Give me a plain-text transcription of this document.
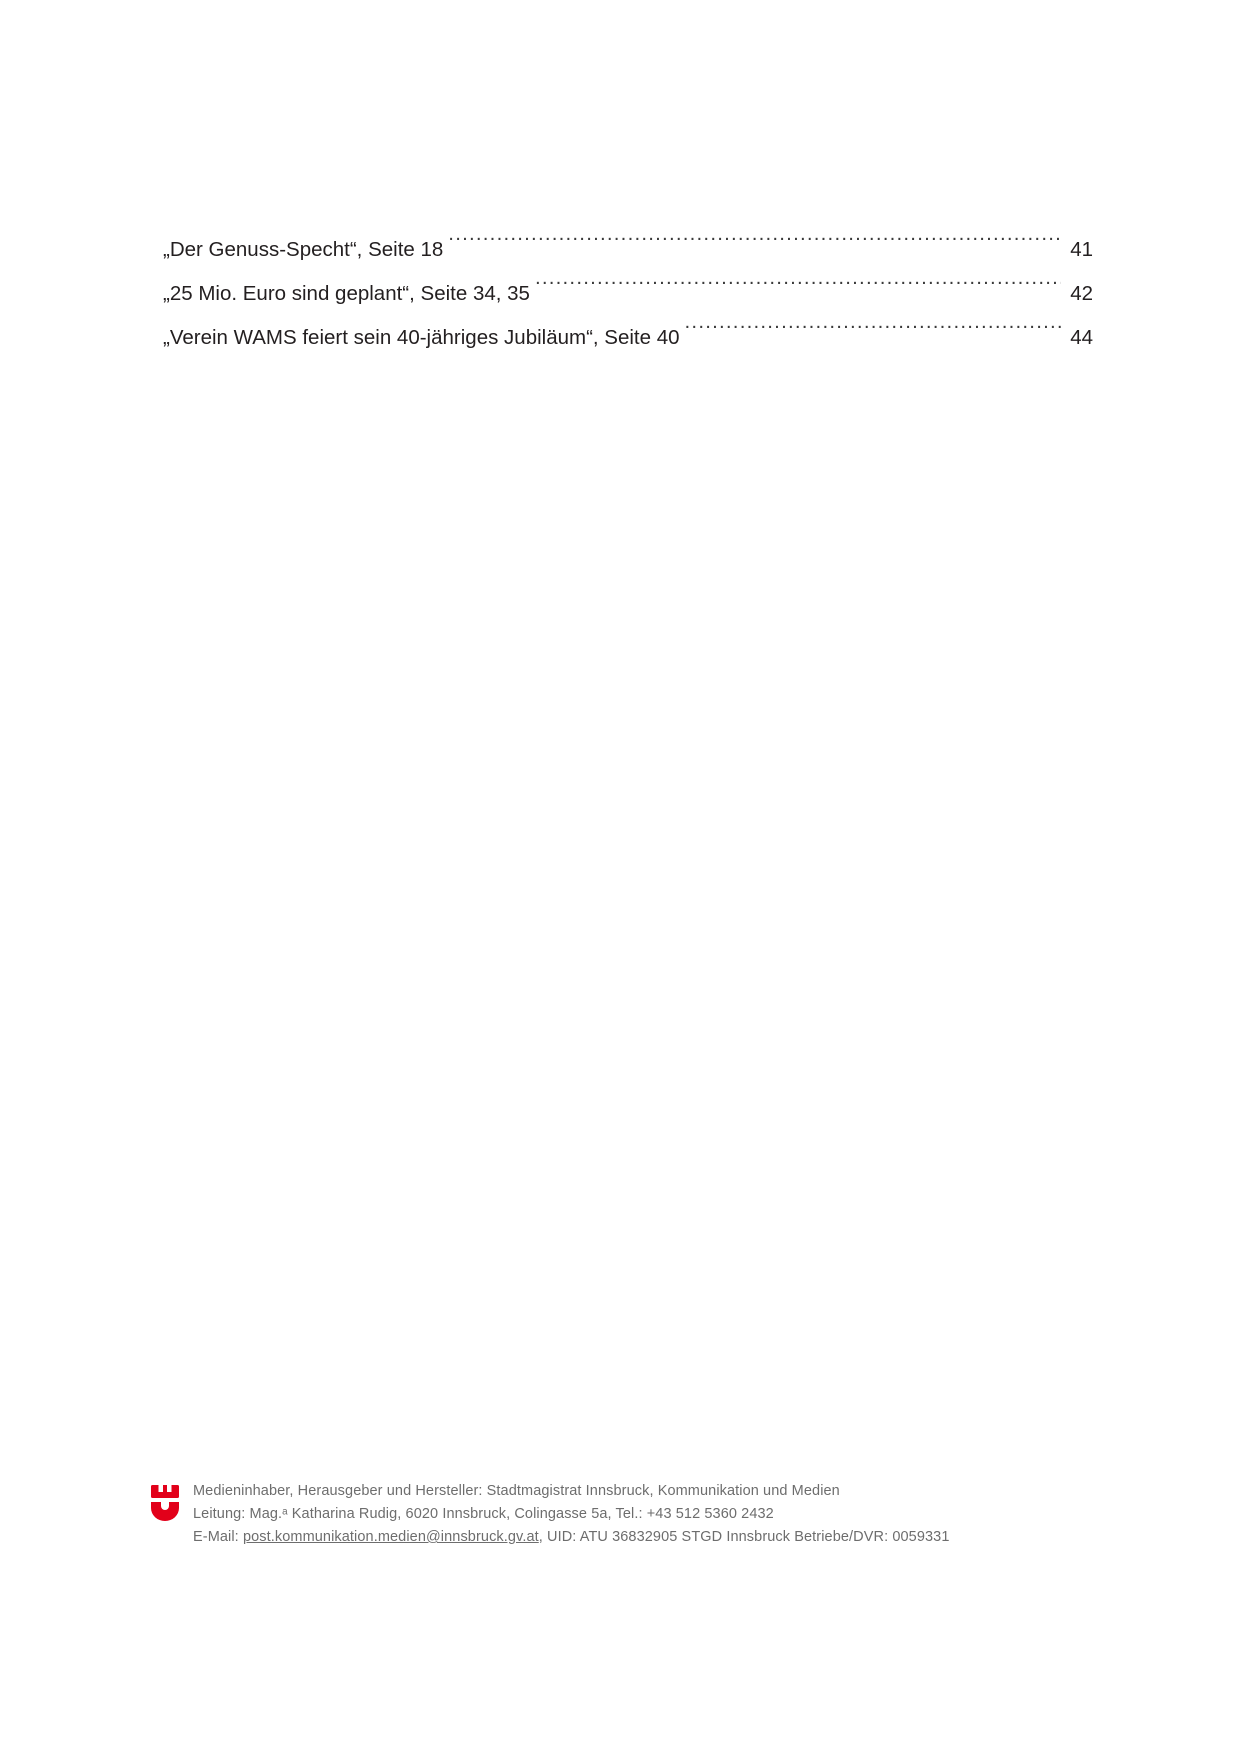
„Der Genuss-Specht“, Seite 18 .....	41
„25 Mio. Euro sind geplant“, Seite 34, 35 .....	42
„Verein WAMS feiert sein 40-jähriges Jubiläum“, Seite 40 .....	44
Medieninhaber, Herausgeber und Hersteller: Stadtmagistrat Innsbruck, Kommunikation und Medien
Leitung: Mag.ᵃ Katharina Rudig, 6020 Innsbruck, Colingasse 5a, Tel.: +43 512 5360 2432
E-Mail: post.kommunikation.medien@innsbruck.gv.at, UID: ATU 36832905 STGD Innsbruck Betriebe/DVR: 0059331
